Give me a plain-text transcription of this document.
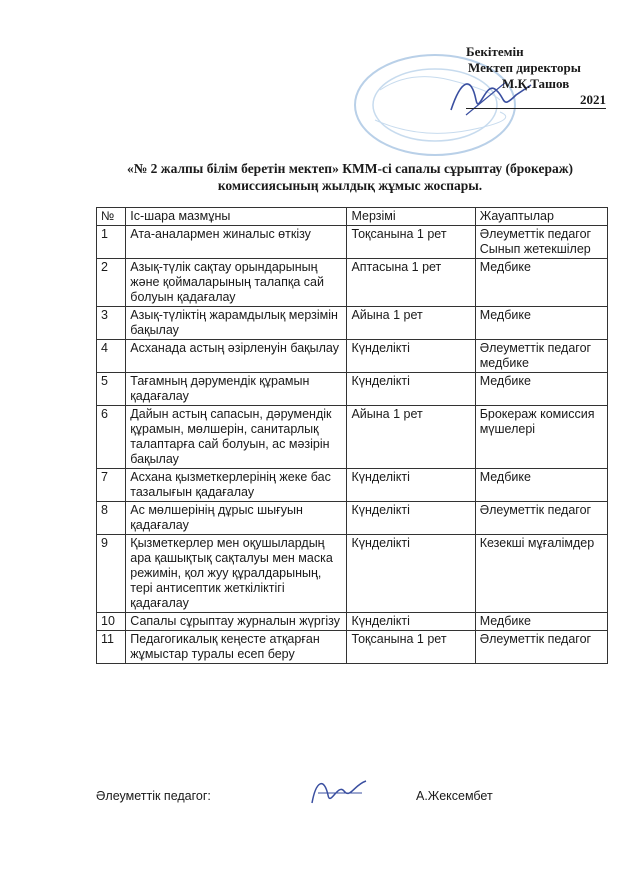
Бекітемін
Мектеп директоры
М.Қ.Ташов
2021
«№ 2 жалпы білім беретін мектеп» КММ-сі сапалы сұрыптау (брокераж)
комиссиясының жылдық жұмыс жоспары.
№	Іс-шара мазмұны	Мерзімі	Жауаптылар
1	Ата-аналармен жиналыс өткізу	Тоқсанына 1 рет	Әлеуметтік педагог Сынып жетекшілер
2	Азық-түлік сақтау орындарының және қоймаларының талапқа сай болуын қадағалау	Аптасына 1 рет	Медбике
3	Азық-түліктің жарамдылық мерзімін бақылау	Айына 1 рет	Медбике
4	Асханада астың әзірленуін бақылау	Күнделікті	Әлеуметтік педагог медбике
5	Тағамның дәрумендік құрамын қадағалау	Күнделікті	Медбике
6	Дайын астың сапасын, дәрумендік құрамын, мөлшерін, санитарлық талаптарға сай болуын, ас мәзірін бақылау	Айына 1 рет	Брокераж комиссия мүшелері
7	Асхана қызметкерлерінің жеке бас тазалығын қадағалау	Күнделікті	Медбике
8	Ас мөлшерінің дұрыс шығуын қадағалау	Күнделікті	Әлеуметтік педагог
9	Қызметкерлер мен оқушылардың ара қашықтық сақталуы мен маска режимін, қол жуу құралдарының, тері антисептик жеткіліктігі қадағалау	Күнделікті	Кезекші мұғалімдер
10	Сапалы сұрыптау журналын жүргізу	Күнделікті	Медбике
11	Педагогикалық кеңесте атқарған жұмыстар туралы есеп беру	Тоқсанына 1 рет	Әлеуметтік педагог
Әлеуметтік педагог:	А.Жексембет
